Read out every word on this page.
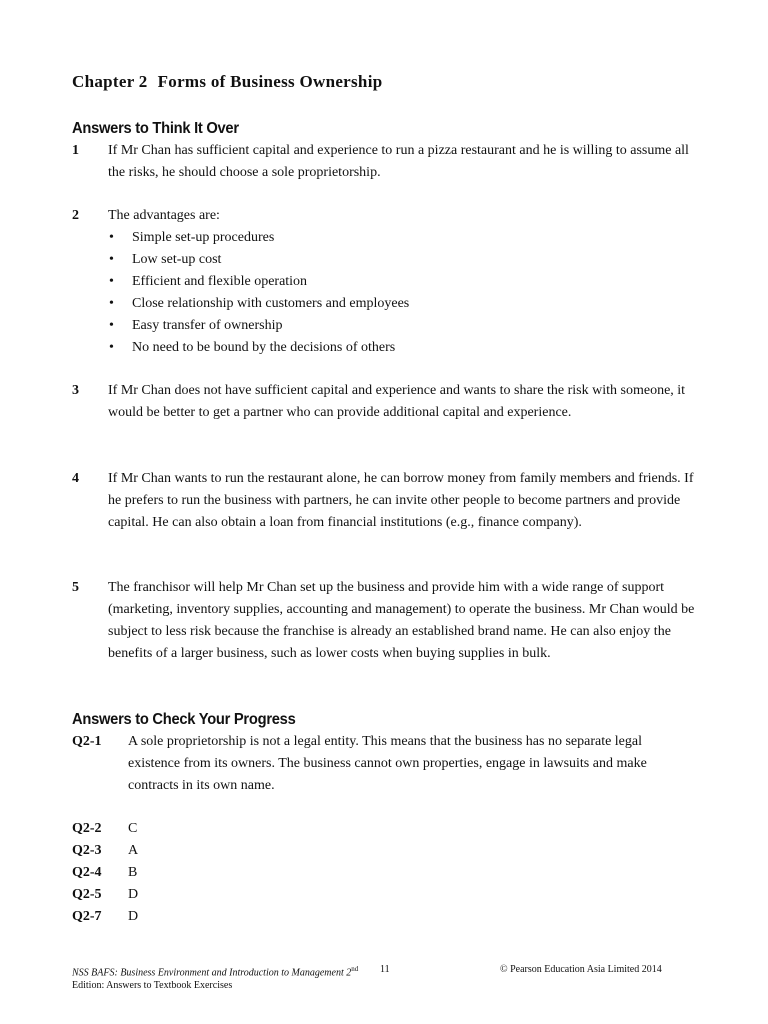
Chapter 2 Forms of Business Ownership
Answers to Think It Over
1 If Mr Chan has sufficient capital and experience to run a pizza restaurant and he is willing to assume all the risks, he should choose a sole proprietorship.

2 The advantages are:

• Simple set-up procedures
• Low set-up cost
• Efficient and flexible operation
• Close relationship with customers and employees
• Easy transfer of ownership
• No need to be bound by the decisions of others
3 If Mr Chan does not have sufficient capital and experience and wants to share the risk with someone, it would be better to get a partner who can provide additional capital and experience.

4 If Mr Chan wants to run the restaurant alone, he can borrow money from family members and friends. If he prefers to run the business with partners, he can invite other people to become partners and provide capital. He can also obtain a loan from financial institutions (e.g., finance company).

5 The franchisor will help Mr Chan set up the business and provide him with a wide range of support (marketing, inventory supplies, accounting and management) to operate the business. Mr Chan would be subject to less risk because the franchise is already an established brand name. He can also enjoy the benefits of a larger business, such as lower costs when buying supplies in bulk.

Answers to Check Your Progress
Q2-1 A sole proprietorship is not a legal entity. This means that the business has no separate legal existence from its owners. The business cannot own properties, engage in lawsuits and make contracts in its own name.
Q2-2 C
Q2-3 A
Q2-4 B
Q2-5 D
Q2-7 D
NSS BAFS: Business Environment and Introduction to Management 2nd Edition: Answers to Textbook Exercises
11	© Pearson Education Asia Limited 2014
